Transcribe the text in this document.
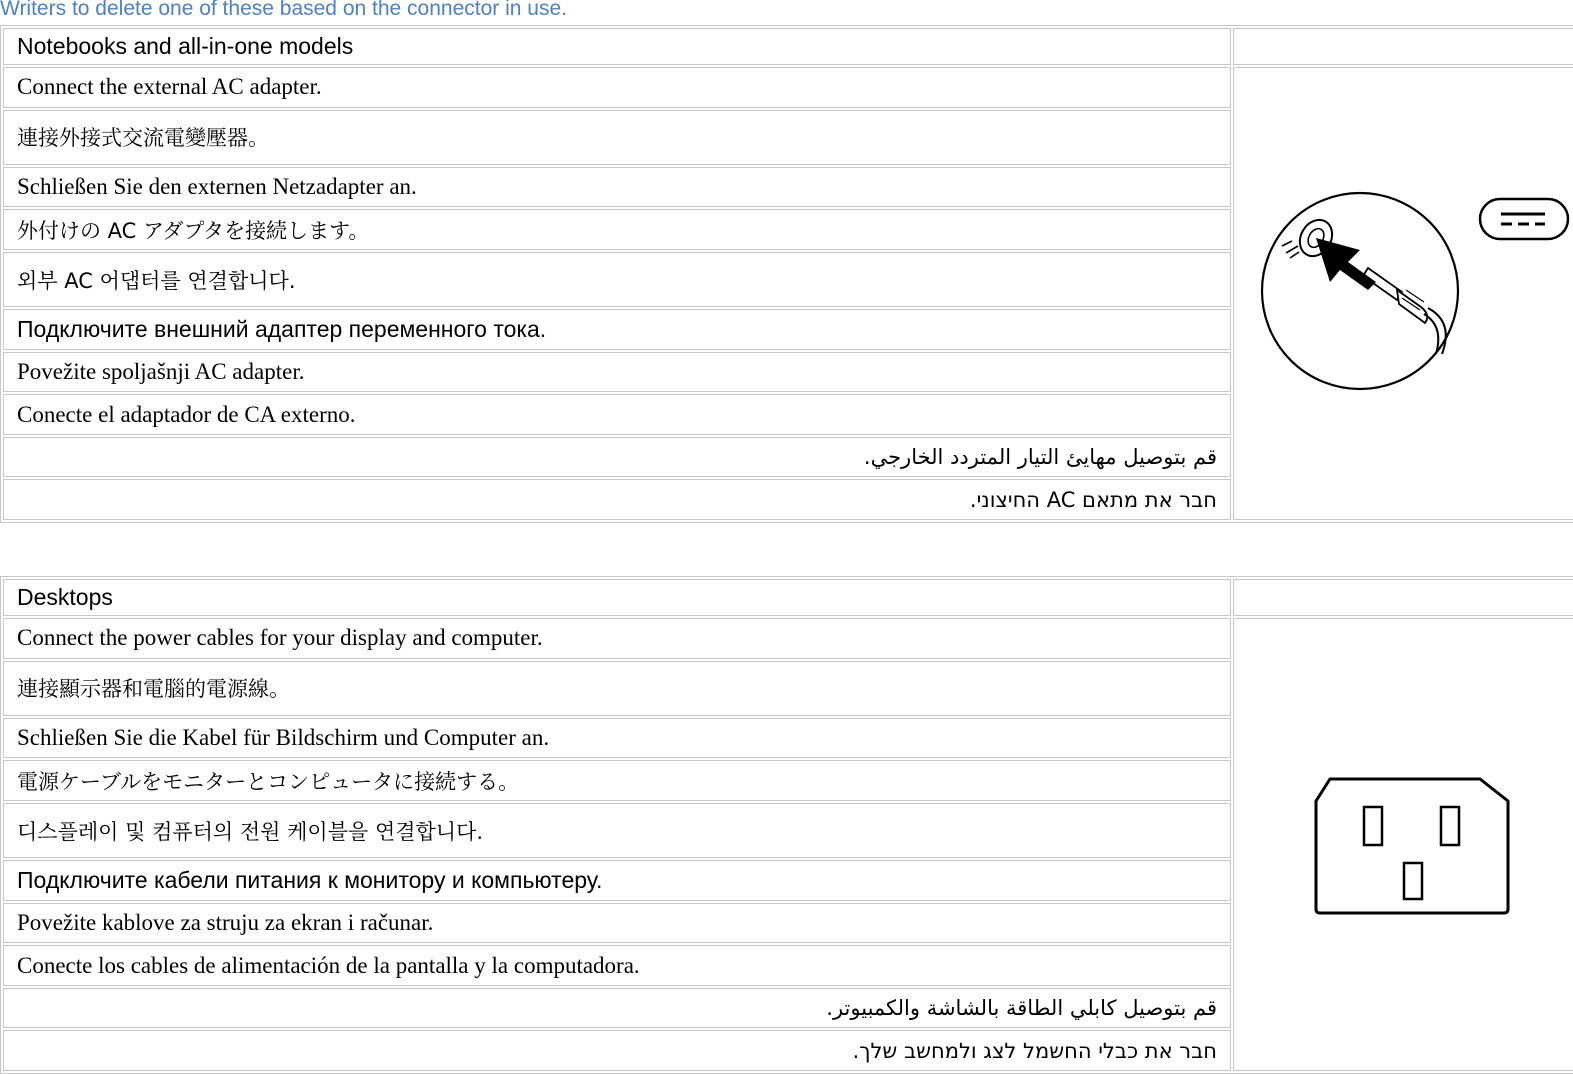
Writers to delete one of these based on the connector in use.
Notebooks and all-in-one models	
Connect the external AC adapter.	
連接外接式交流電變壓器。	
Schließen Sie den externen Netzadapter an.	
外付けの AC アダプタを接続します。	
외부 AC 어댑터를 연결합니다.	
Подключите внешний адаптер переменного тока.	
Povežite spoljašnji AC adapter.	
Conecte el adaptador de CA externo.	
قم بتوصيل مهايئ التيار المتردد الخارجي.	
חבר את מתאם AC החיצוני.	
Desktops	
Connect the power cables for your display and computer.	
連接顯示器和電腦的電源線。	
Schließen Sie die Kabel für Bildschirm und Computer an.	
電源ケーブルをモニターとコンピュータに接続する。	
디스플레이 및 컴퓨터의 전원 케이블을 연결합니다.	
Подключите кабели питания к монитору и компьютеру.	
Povežite kablove za struju za ekran i računar.	
Conecte los cables de alimentación de la pantalla y la computadora.	
قم بتوصيل كابلي الطاقة بالشاشة والكمبيوتر.	
חבר את כבלי החשמל לצג ולמחשב שלך.	
